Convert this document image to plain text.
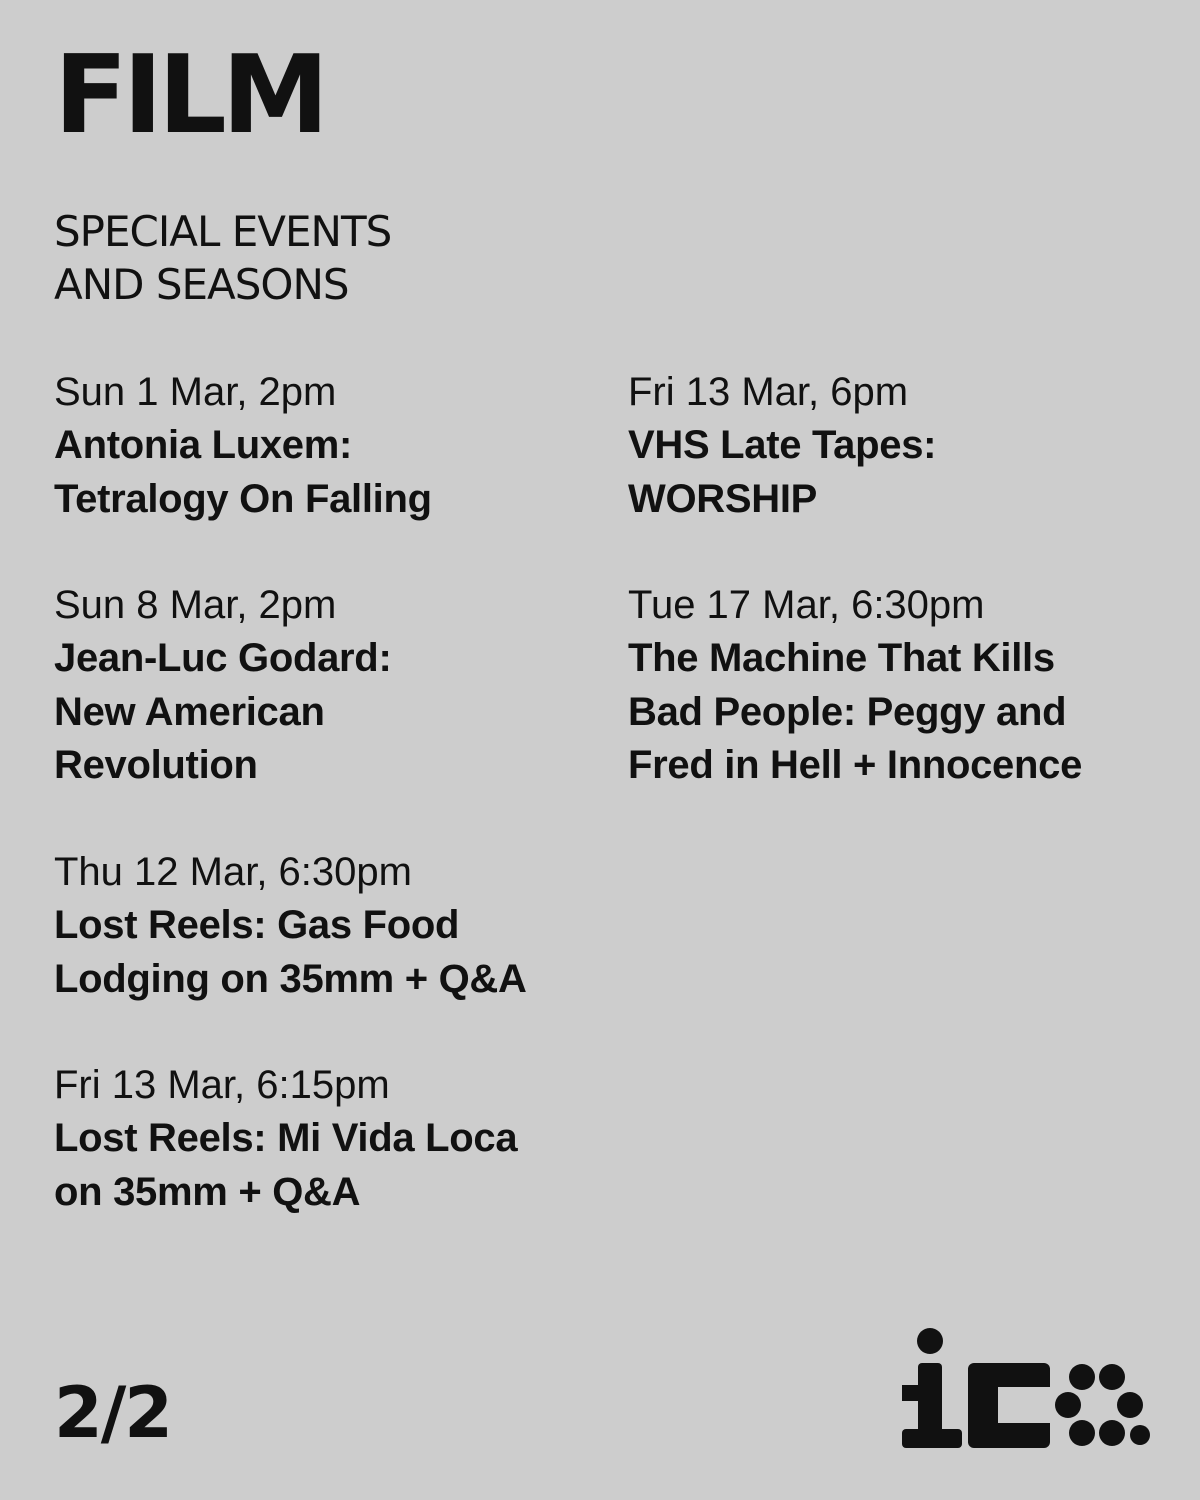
FILM
SPECIAL EVENTS
AND SEASONS
Sun 1 Mar, 2pm
Antonia Luxem:
Tetralogy On Falling
Sun 8 Mar, 2pm
Jean-Luc Godard:
New American
Revolution
Thu 12 Mar, 6:30pm
Lost Reels: Gas Food
Lodging on 35mm + Q&A
Fri 13 Mar, 6:15pm
Lost Reels: Mi Vida Loca
on 35mm + Q&A
Fri 13 Mar, 6pm
VHS Late Tapes:
WORSHIP
Tue 17 Mar, 6:30pm
The Machine That Kills
Bad People: Peggy and
Fred in Hell + Innocence
2/2
